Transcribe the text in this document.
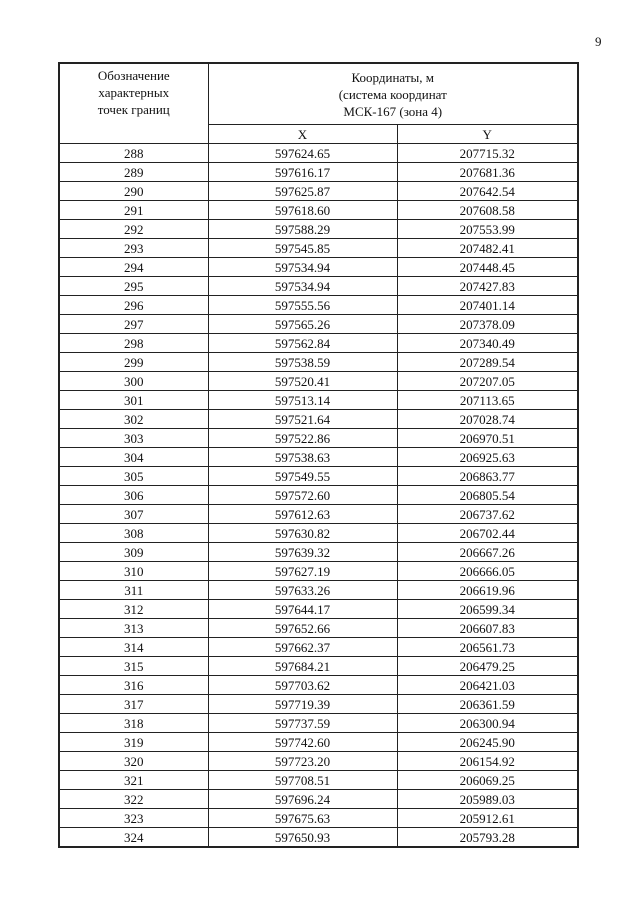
9
Обозначение
характерных
точек границ	Координаты, м
(система координат
МСК-167 (зона 4)	

	X	Y
288	597624.65	207715.32
289	597616.17	207681.36
290	597625.87	207642.54
291	597618.60	207608.58
292	597588.29	207553.99
293	597545.85	207482.41
294	597534.94	207448.45
295	597534.94	207427.83
296	597555.56	207401.14
297	597565.26	207378.09
298	597562.84	207340.49
299	597538.59	207289.54
300	597520.41	207207.05
301	597513.14	207113.65
302	597521.64	207028.74
303	597522.86	206970.51
304	597538.63	206925.63
305	597549.55	206863.77
306	597572.60	206805.54
307	597612.63	206737.62
308	597630.82	206702.44
309	597639.32	206667.26
310	597627.19	206666.05
311	597633.26	206619.96
312	597644.17	206599.34
313	597652.66	206607.83
314	597662.37	206561.73
315	597684.21	206479.25
316	597703.62	206421.03
317	597719.39	206361.59
318	597737.59	206300.94
319	597742.60	206245.90
320	597723.20	206154.92
321	597708.51	206069.25
322	597696.24	205989.03
323	597675.63	205912.61
324	597650.93	205793.28
